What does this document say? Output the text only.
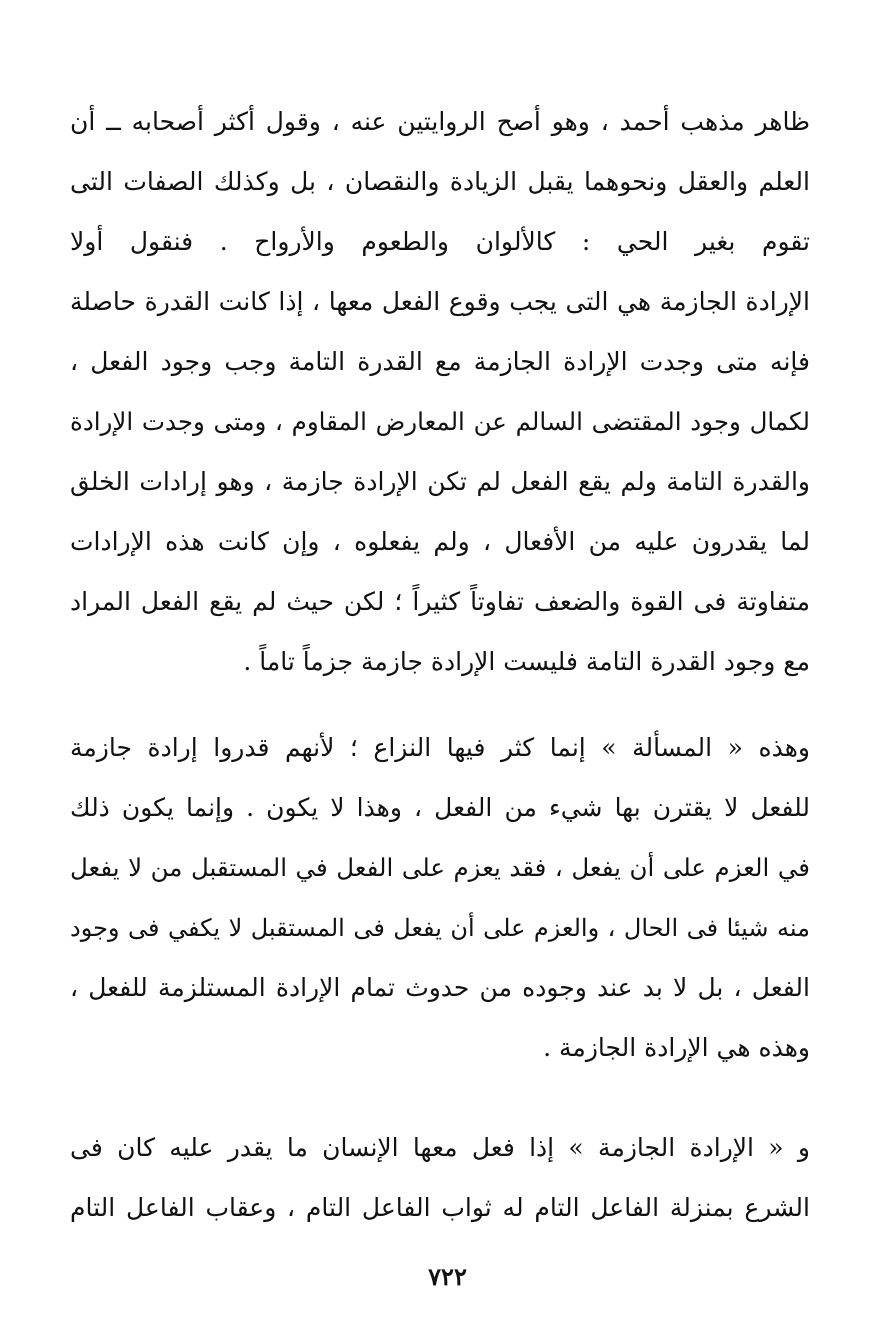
ظاهر مذهب أحمد ، وهو أصح الروايتين عنه ، وقول أكثر أصحابه ــ أن
العلم والعقل ونحوهما يقبل الزيادة والنقصان ، بل وكذلك الصفات التى
تقوم بغير الحي : كالألوان والطعوم والأرواح . فنقول أولا
الإرادة الجازمة هي التى يجب وقوع الفعل معها ، إذا كانت القدرة حاصلة
فإنه متى وجدت الإرادة الجازمة مع القدرة التامة وجب وجود الفعل ،
لكمال وجود المقتضى السالم عن المعارض المقاوم ، ومتى وجدت الإرادة
والقدرة التامة ولم يقع الفعل لم تكن الإرادة جازمة ، وهو إرادات الخلق
لما يقدرون عليه من الأفعال ، ولم يفعلوه ، وإن كانت هذه الإرادات
متفاوتة فى القوة والضعف تفاوتاً كثيراً ؛ لكن حيث لم يقع الفعل المراد
مع وجود القدرة التامة فليست الإرادة جازمة جزماً تاماً .
وهذه « المسألة » إنما كثر فيها النزاع ؛ لأنهم قدروا إرادة جازمة
للفعل لا يقترن بها شيء من الفعل ، وهذا لا يكون . وإنما يكون ذلك
في العزم على أن يفعل ، فقد يعزم على الفعل في المستقبل من لا يفعل
منه شيئا فى الحال ، والعزم على أن يفعل فى المستقبل لا يكفي فى وجود
الفعل ، بل لا بد عند وجوده من حدوث تمام الإرادة المستلزمة للفعل ،
وهذه هي الإرادة الجازمة .
و « الإرادة الجازمة » إذا فعل معها الإنسان ما يقدر عليه كان فى
الشرع بمنزلة الفاعل التام له ثواب الفاعل التام ، وعقاب الفاعل التام
٧٢٢
